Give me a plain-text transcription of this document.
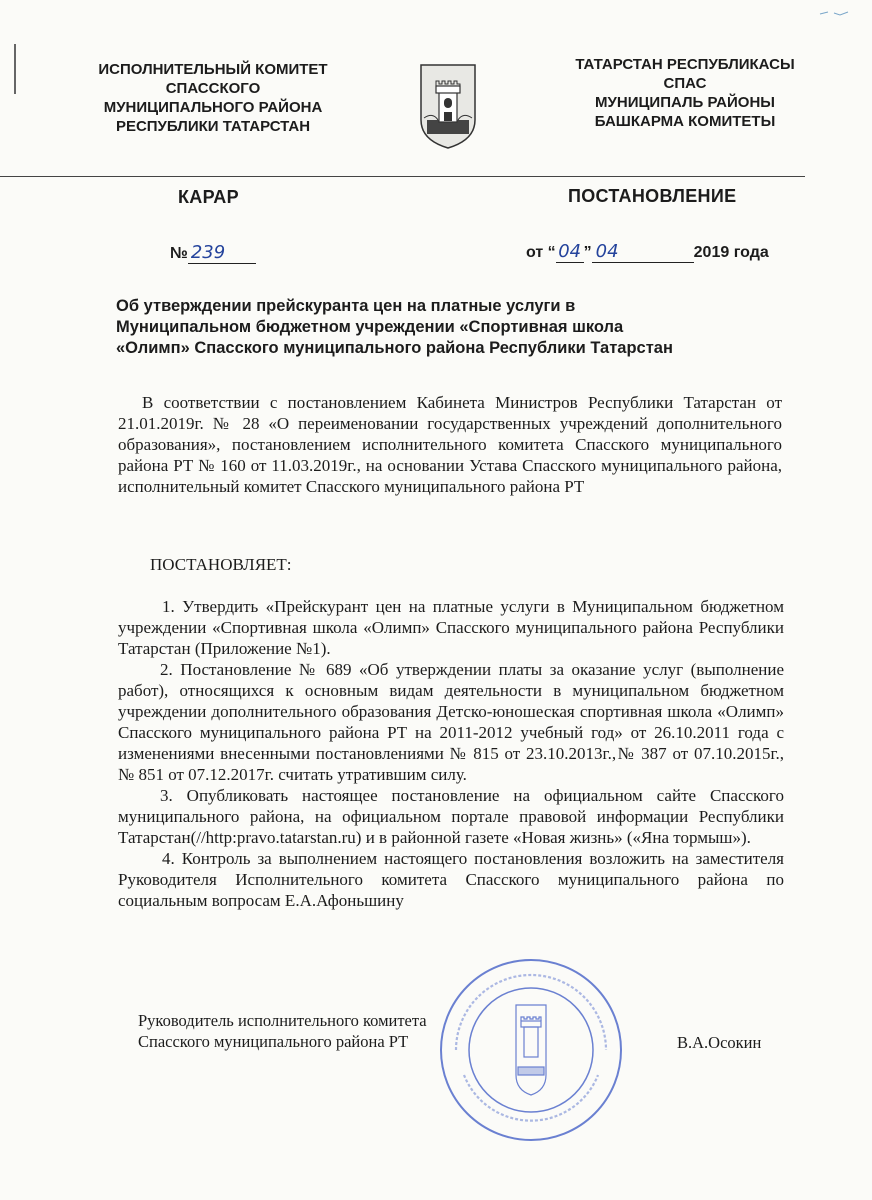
ИСПОЛНИТЕЛЬНЫЙ КОМИТЕТ
СПАССКОГО
МУНИЦИПАЛЬНОГО РАЙОНА
РЕСПУБЛИКИ ТАТАРСТАН
ТАТАРСТАН РЕСПУБЛИКАСЫ
СПАС
МУНИЦИПАЛЬ РАЙОНЫ
БАШКАРМА КОМИТЕТЫ
КАРАР	ПОСТАНОВЛЕНИЕ
№ 239	от “ 04 ” 04	2019 года
Об утверждении прейскуранта цен на платные услуги в
Муниципальном бюджетном учреждении «Спортивная школа
«Олимп» Спасского муниципального района Республики Татарстан
В соответствии с постановлением Кабинета Министров Республики Татарстан от 21.01.2019г. № 28 «О переименовании государственных учреждений дополнительного образования», постановлением исполнительного комитета Спасского муниципального района РТ № 160 от 11.03.2019г., на основании Устава Спасского муниципального района, исполнительный комитет Спасского муниципального района РТ
ПОСТАНОВЛЯЕТ:

1. Утвердить «Прейскурант цен на платные услуги в Муниципальном бюджетном учреждении «Спортивная школа «Олимп» Спасского муниципального района Республики Татарстан (Приложение №1).

2. Постановление № 689 «Об утверждении платы за оказание услуг (выполнение работ), относящихся к основным видам деятельности в муниципальном бюджетном учреждении дополнительного образования Детско-юношеская спортивная школа «Олимп» Спасского муниципального района РТ на 2011-2012 учебный год» от 26.10.2011 года с изменениями внесенными постановлениями № 815 от 23.10.2013г.,№ 387 от 07.10.2015г., № 851 от 07.12.2017г. считать утратившим силу.

3. Опубликовать настоящее постановление на официальном сайте Спасского муниципального района, на официальном портале правовой информации Республики Татарстан(//http:pravo.tatarstan.ru) и в районной газете «Новая жизнь» («Яна тормыш»).

4. Контроль за выполнением настоящего постановления возложить на заместителя Руководителя Исполнительного комитета Спасского муниципального района по социальным вопросам Е.А.Афоньшину

Руководитель исполнительного комитета
Спасского муниципального района РТ	В.А.Осокин
